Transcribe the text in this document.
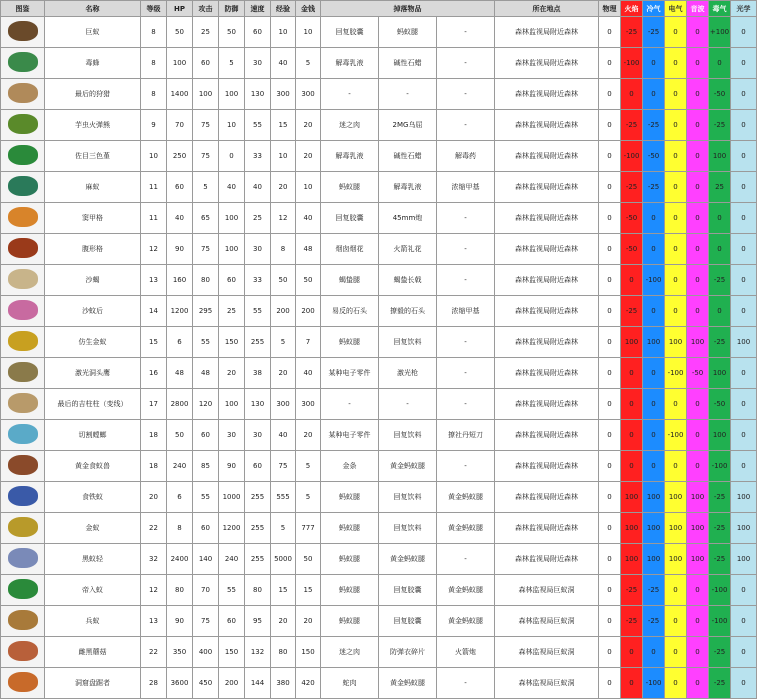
图鉴	名称	等级	HP	攻击	防御	速度	经验	金钱	掉落物品			所在地点	物理	火焰	冷气	电气	音波	毒气	光学
	巨蚁	8	50	25	50	60	10	10	回复胶囊	蚂蚁腿	-	森林监视局附近森林	0	-25	-25	0	0	+100	0
	毒蜂	8	100	60	5	30	40	5	解毒乳液	碱性石蜡	-	森林监视局附近森林	0	-100	0	0	0	0	0
	最后的狩猎	8	1400	100	100	130	300	300	-	-	-	森林监视局附近森林	0	0	0	0	0	-50	0
	芋虫火弹熊	9	70	75	10	55	15	20	迷之肉	2MG乌屈	-	森林监视局附近森林	0	-25	-25	0	0	-25	0
	佐目三色堇	10	250	75	0	33	10	20	解毒乳液	碱性石蜡	解毒药	森林监视局附近森林	0	-100	-50	0	0	100	0
	麻蚁	11	60	5	40	40	20	10	蚂蚁腿	解毒乳液	浓缩甲基	森林监视局附近森林	0	-25	-25	0	0	25	0
	窦甲格	11	40	65	100	25	12	40	回复胶囊	45mm炮	-	森林监视局附近森林	0	-50	0	0	0	0	0
	腹形格	12	90	75	100	30	8	48	烟囱烟花	火箭礼花	-	森林监视局附近森林	0	-50	0	0	0	0	0
	沙蝎	13	160	80	60	33	50	50	蝎蛰腿	蝎蛰长戟	-	森林监视局附近森林	0	0	-100	0	0	-25	0
	沙蚊后	14	1200	295	25	55	200	200	易反的石头	撩毅的石头	浓缩甲基	森林监视局附近森林	0	-25	0	0	0	0	0
	仿生金蚁	15	6	55	150	255	5	7	蚂蚁腿	回复饮料	-	森林监视局附近森林	0	100	100	100	100	-25	100
	激光洞头鹰	16	48	48	20	38	20	40	某种电子零件	激光枪	-	森林监视局附近森林	0	0	0	-100	-50	100	0
	最后的吉柱柱（变线）	17	2800	120	100	130	300	300	-	-	-	森林监视局附近森林	0	0	0	0	0	-50	0
	切割螳螂	18	50	60	30	30	40	20	某种电子零件	回复饮料	撩社丹短刀	森林监视局附近森林	0	0	0	-100	0	100	0
	黄金食蚁兽	18	240	85	90	60	75	5	金条	黄金蚂蚁腿	-	森林监视局附近森林	0	0	0	0	0	-100	0
	食铁蚁	20	6	55	1000	255	555	5	蚂蚁腿	回复饮料	黄金蚂蚁腿	森林监视局附近森林	0	100	100	100	100	-25	100
	金蚁	22	8	60	1200	255	5	777	蚂蚁腿	回复饮料	黄金蚂蚁腿	森林监视局附近森林	0	100	100	100	100	-25	100
	黑蚁轻	32	2400	140	240	255	5000	50	蚂蚁腿	黄金蚂蚁腿	-	森林监视局附近森林	0	100	100	100	100	-25	100
	帝入蚁	12	80	70	55	80	15	15	蚂蚁腿	回复胶囊	黄金蚂蚁腿	森林监视局巨蚁洞	0	-25	-25	0	0	-100	0
	兵蚁	13	90	75	60	95	20	20	蚂蚁腿	回复胶囊	黄金蚂蚁腿	森林监视局巨蚁洞	0	-25	-25	0	0	-100	0
	雌黑蘑菇	22	350	400	150	132	80	150	迷之肉	防弹衣碎片	火箭炮	森林监视局巨蚁洞	0	0	0	0	0	-25	0
	洞窟盘踞者	28	3600	450	200	144	380	420	蛇肉	黄金蚂蚁腿	-	森林监视局巨蚁洞	0	0	-100	0	0	-25	0
